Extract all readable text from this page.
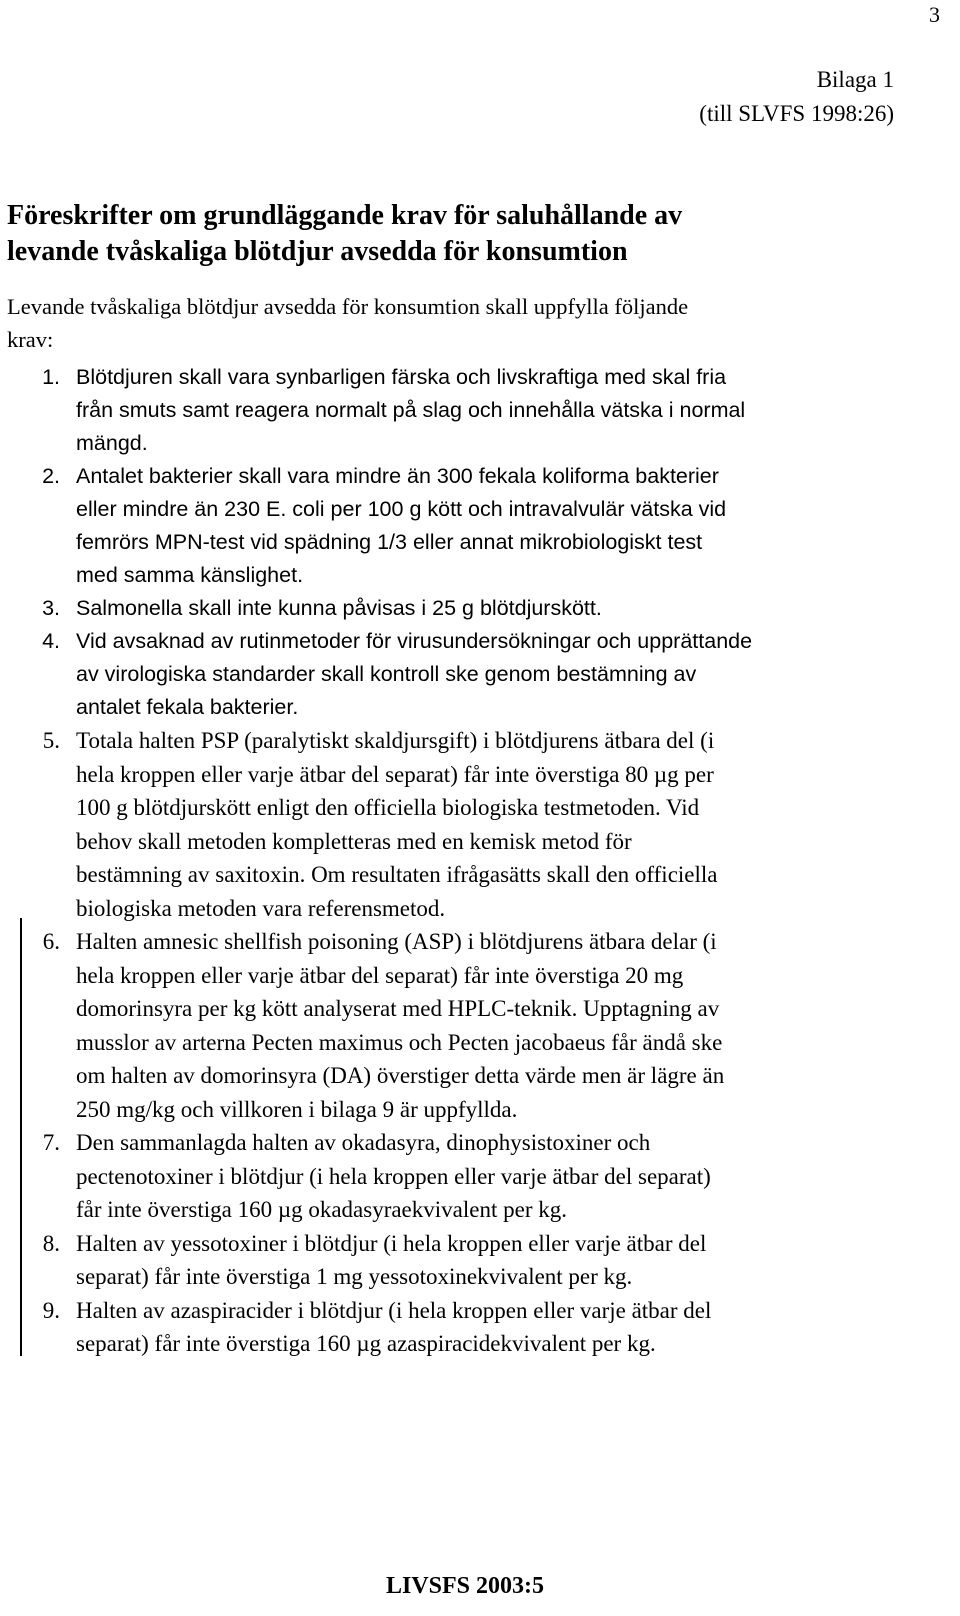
3
Bilaga 1
(till SLVFS 1998:26)
Föreskrifter om grundläggande krav för saluhållande av
levande tvåskaliga blötdjur avsedda för konsumtion

Levande tvåskaliga blötdjur avsedda för konsumtion skall uppfylla följande
krav:

1. Blötdjuren skall vara synbarligen färska och livskraftiga med skal fria
från smuts samt reagera normalt på slag och innehålla vätska i normal
mängd.
2. Antalet bakterier skall vara mindre än 300 fekala koliforma bakterier
eller mindre än 230 E. coli per 100 g kött och intravalvulär vätska vid
femrörs MPN-test vid spädning 1/3 eller annat mikrobiologiskt test
med samma känslighet.
3. Salmonella skall inte kunna påvisas i 25 g blötdjurskött.
4. Vid avsaknad av rutinmetoder för virusundersökningar och upprättande
av virologiska standarder skall kontroll ske genom bestämning av
antalet fekala bakterier.
5. Totala halten PSP (paralytiskt skaldjursgift) i blötdjurens ätbara del (i
hela kroppen eller varje ätbar del separat) får inte överstiga 80 µg per
100 g blötdjurskött enligt den officiella biologiska testmetoden. Vid
behov skall metoden kompletteras med en kemisk metod för
bestämning av saxitoxin. Om resultaten ifrågasätts skall den officiella
biologiska metoden vara referensmetod.
6. Halten amnesic shellfish poisoning (ASP) i blötdjurens ätbara delar (i
hela kroppen eller varje ätbar del separat) får inte överstiga 20 mg
domorinsyra per kg kött analyserat med HPLC-teknik. Upptagning av
musslor av arterna Pecten maximus och Pecten jacobaeus får ändå ske
om halten av domorinsyra (DA) överstiger detta värde men är lägre än
250 mg/kg och villkoren i bilaga 9 är uppfyllda.
7. Den sammanlagda halten av okadasyra, dinophysistoxiner och
pectenotoxiner i blötdjur (i hela kroppen eller varje ätbar del separat)
får inte överstiga 160 µg okadasyraekvivalent per kg.
8. Halten av yessotoxiner i blötdjur (i hela kroppen eller varje ätbar del
separat) får inte överstiga 1 mg yessotoxinekvivalent per kg.
9. Halten av azaspiracider i blötdjur (i hela kroppen eller varje ätbar del
separat) får inte överstiga 160 µg azaspiracidekvivalent per kg.
LIVSFS 2003:5
